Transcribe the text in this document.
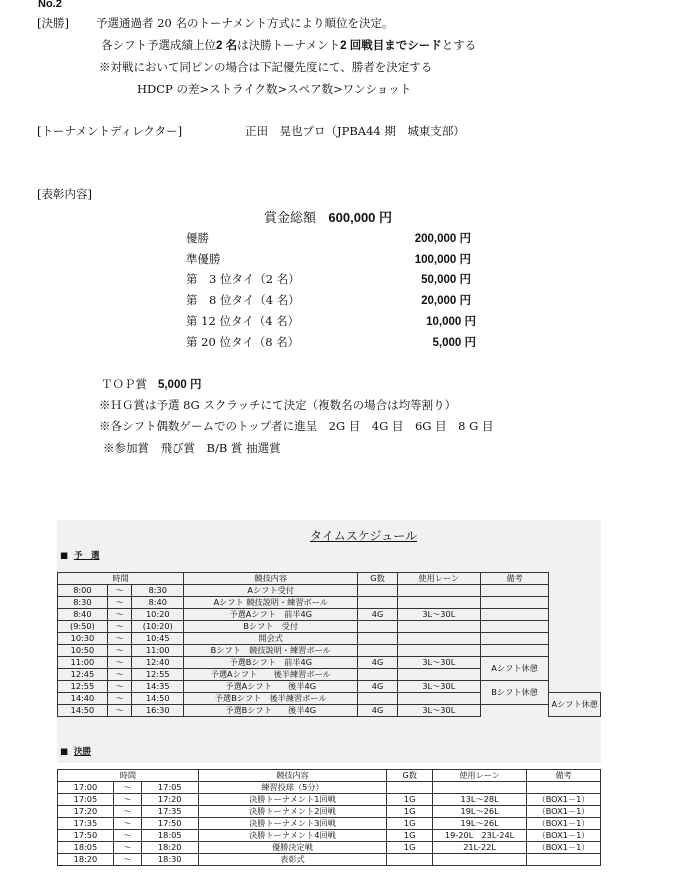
No.2
[決勝] 予選通過者 20 名のトーナメント方式により順位を決定。
各シフト予選成績上位2 名は決勝トーナメント2 回戦目までシードとする
※対戦において同ピンの場合は下記優先度にて、勝者を決定する
HDCP の差>ストライク数>スペア数>ワンショット
[トーナメントディレクター]	正田　晃也プロ（JPBA44 期　城東支部）
[表彰内容]
賞金総額 600,000 円
優勝	200,000 円
準優勝	100,000 円
第　3 位タイ（2 名）	50,000 円
第　8 位タイ（4 名）	20,000 円
第 12 位タイ（4 名）	10,000 円
第 20 位タイ（8 名）	5,000 円
ＴＯＰ賞 5,000 円
※ＨＧ賞は予選 8G スクラッチにて決定（複数名の場合は均等割り）
※各シフト偶数ゲームでのトップ者に進呈　2G 目　4G 目　6G 目　8 G 目
※参加賞　飛び賞　B/B 賞 抽選賞
タイムスケジュール
■  予　選
時間			競技内容	G数	使用レーン	備考	
8:00	～	8:30	Aシフト受付				
8:30	～	8:40	Aシフト 競技説明・練習ボール				
8:40	～	10:20	予選Aシフト　前半4G	4G	3L～30L		
(9:50)	～	(10:20)	Bシフト　受付				
10:30	～	10:45	開会式				
10:50	～	11:00	Bシフト　競技説明・練習ボール				
11:00	～	12:40	予選Bシフト　前半4G	4G	3L～30L	Aシフト休憩	
12:45	～	12:55	予選Aシフト　　後半練習ボール				
12:55	～	14:35	予選Aシフト　　後半4G	4G	3L～30L	Bシフト休憩	
14:40	～	14:50	予選Bシフト　後半練習ボール				Aシフト休憩
14:50	～	16:30	予選Bシフト　　後半4G	4G	3L～30L		
■  決勝
時間			競技内容	G数	使用レーン	備考
17:00	～	17:05	練習投球（5分）			
17:05	～	17:20	決勝トーナメント1回戦	1G	13L～28L	（BOX1－1）
17:20	～	17:35	決勝トーナメント2回戦	1G	19L～26L	（BOX1－1）
17:35	～	17:50	決勝トーナメント3回戦	1G	19L～26L	（BOX1－1）
17:50	～	18:05	決勝トーナメント4回戦	1G	19-20L　23L-24L	（BOX1－1）
18:05	～	18:20	優勝決定戦	1G	21L-22L	（BOX1－1）
18:20	～	18:30	表彰式			
